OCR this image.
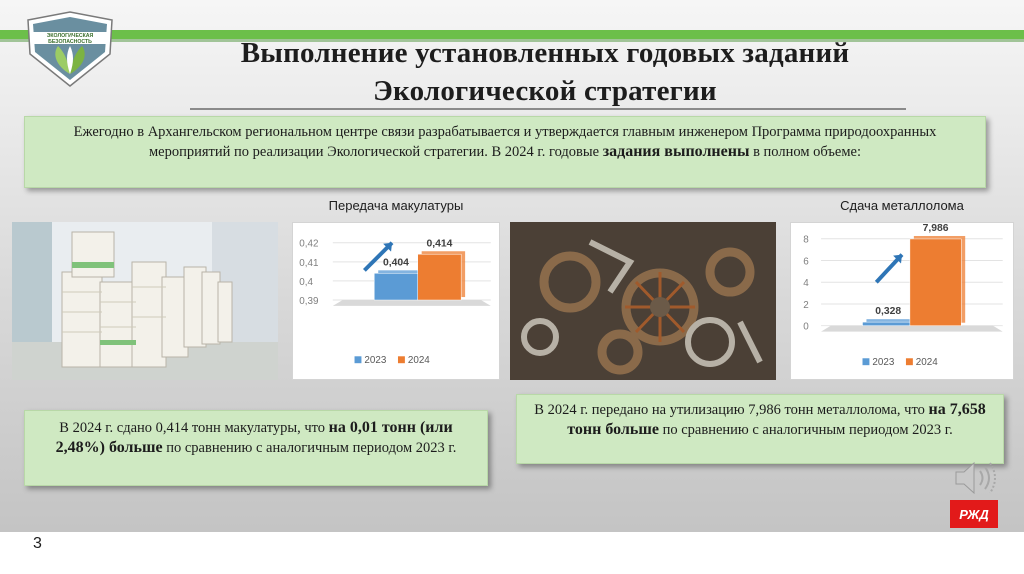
ЭКОЛОГИЧЕСКАЯ
БЕЗОПАСНОСТЬ	Выполнение установленных годовых заданий
Экологической стратегии
Ежегодно в Архангельском региональном центре связи разрабатывается и утверждается главным инженером Программа природоохранных мероприятий по реализации Экологической стратегии. В 2024 г. годовые задания выполнены в полном объеме:
Передача макулатуры	Сдача металлолома
0,42
0,41
0,4
0,39
0,404
0,414
2023 2024
8
6
4
2
0
0,328
7,986
2023 2024
В 2024 г. сдано 0,414 тонн макулатуры, что на 0,01 тонн (или 2,48%) больше по сравнению с аналогичным периодом 2023 г.
В 2024 г. передано на утилизацию 7,986 тонн металлолома, что на 7,658 тонн больше по сравнению с аналогичным периодом 2023 г.
РЖД
3
